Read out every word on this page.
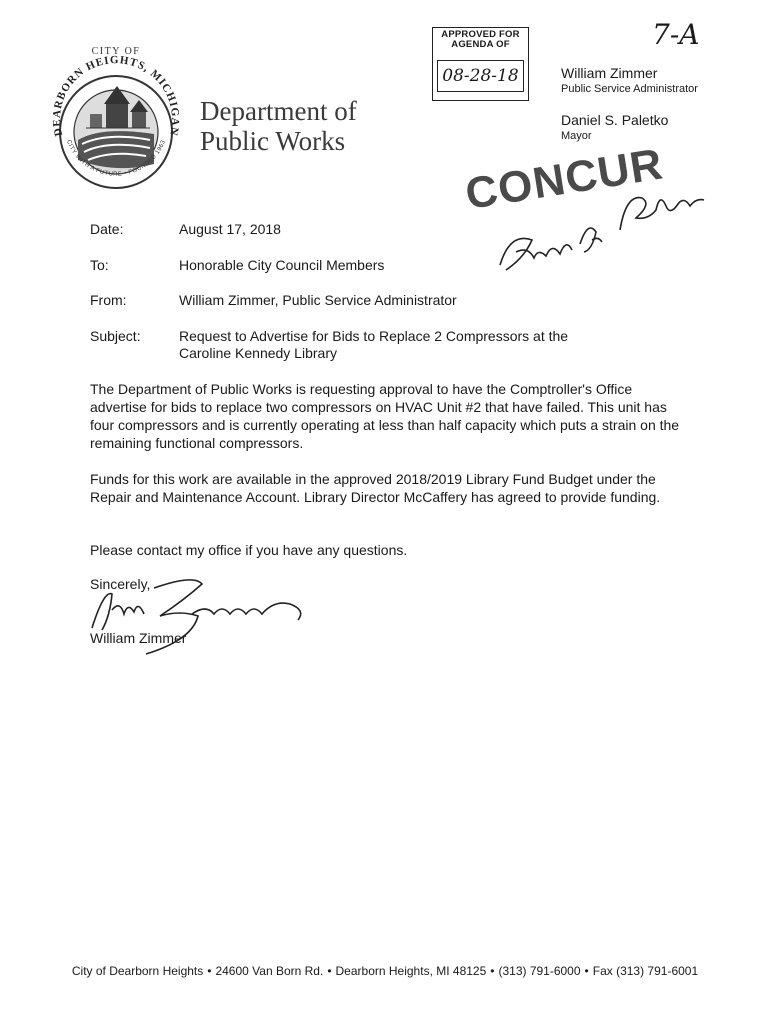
CITY OF
DEARBORN HEIGHTS, MICHIGAN
CITY WITH A FUTURE • FOUNDED 1963
Department of
Public Works
APPROVED FOR
AGENDA OF
08-28-18
7-A
William Zimmer
Public Service Administrator
Daniel S. Paletko
Mayor
CONCUR
Date:	August 17, 2018
To:	Honorable City Council Members
From:	William Zimmer, Public Service Administrator
Subject:	Request to Advertise for Bids to Replace 2 Compressors at the
Caroline Kennedy Library
The Department of Public Works is requesting approval to have the Comptroller's Office advertise for bids to replace two compressors on HVAC Unit #2 that have failed. This unit has four compressors and is currently operating at less than half capacity which puts a strain on the remaining functional compressors.
Funds for this work are available in the approved 2018/2019 Library Fund Budget under the Repair and Maintenance Account. Library Director McCaffery has agreed to provide funding.
Please contact my office if you have any questions.
Sincerely,
William Zimmer
City of Dearborn Heights • 24600 Van Born Rd. • Dearborn Heights, MI 48125 • (313) 791-6000 • Fax (313) 791-6001
